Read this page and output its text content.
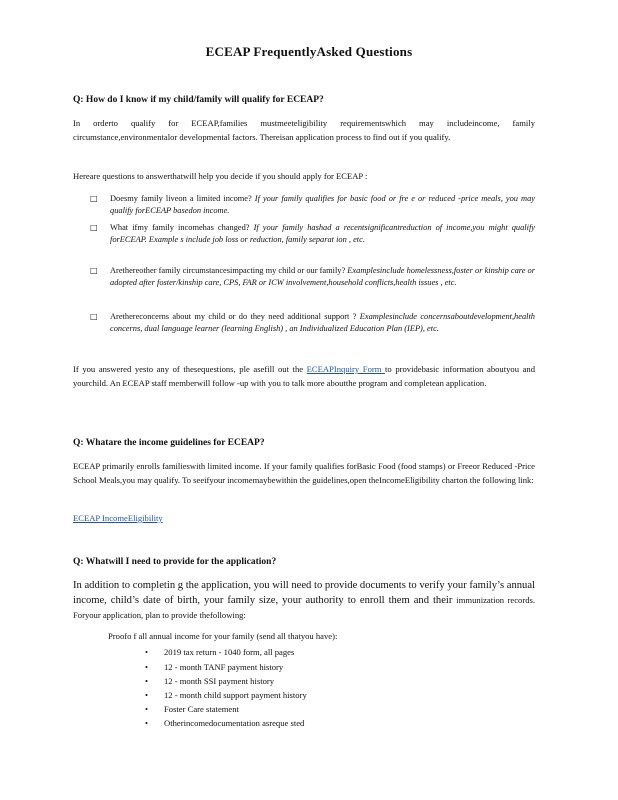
ECEAP FrequentlyAsked Questions
Q: How do I know if my child/family will qualify for ECEAP?
In orderto qualify for ECEAP,families mustmeeteligibility requirementswhich may includeincome, family circumstance,environmentalor developmental factors. Thereisan application process to find out if you qualify.
Hereare questions to answerthatwill help you decide if you should apply for ECEAP :
□	Doesmy family liveon a limited income? If your family qualifies for basic food or fre e or reduced -price meals, you may qualify forECEAP basedon income.
□	What ifmy family incomehas changed? If your family hashad a recentsignificantreduction of income,you might qualify forECEAP. Example s include job loss or reduction, family separat ion , etc.
□	Arethereother family circumstancesimpacting my child or our family? Examplesinclude homelessness,foster or kinship care or adopted after foster/kinship care, CPS, FAR or ICW involvement,household conflicts,health issues , etc.
□	Arethereconcerns about my child or do they need additional support ? Examplesinclude concernsaboutdevelopment,health concerns, dual language learner (learning English) , an Individualized Education Plan (IEP), etc.
If you answered yesto any of thesequestions, ple asefill out the ECEAPInquiry Form to providebasic information aboutyou and yourchild. An ECEAP staff memberwill follow -up with you to talk more aboutthe program and completean application.
Q: Whatare the income guidelines for ECEAP?
ECEAP primarily enrolls familieswith limited income. If your family qualifies forBasic Food (food stamps) or Freeor Reduced -Price School Meals,you may qualify. To seeifyour incomemaybewithin the guidelines,open theIncomeEligibility charton the following link:
ECEAP IncomeEligibility
Q: Whatwill I need to provide for the application?
In addition to completin g the application, you will need to provide documents to verify your family’s annual income, child’s date of birth, your family size, your authority to enroll them and their immunization records. Foryour application, plan to provide thefollowing:
Proofo f all annual income for your family (send all thatyou have):
• 2019 tax return - 1040 form, all pages
• 12 - month TANF payment history
• 12 - month SSI payment history
• 12 - month child support payment history
• Foster Care statement
• Otherincomedocumentation asreque sted
